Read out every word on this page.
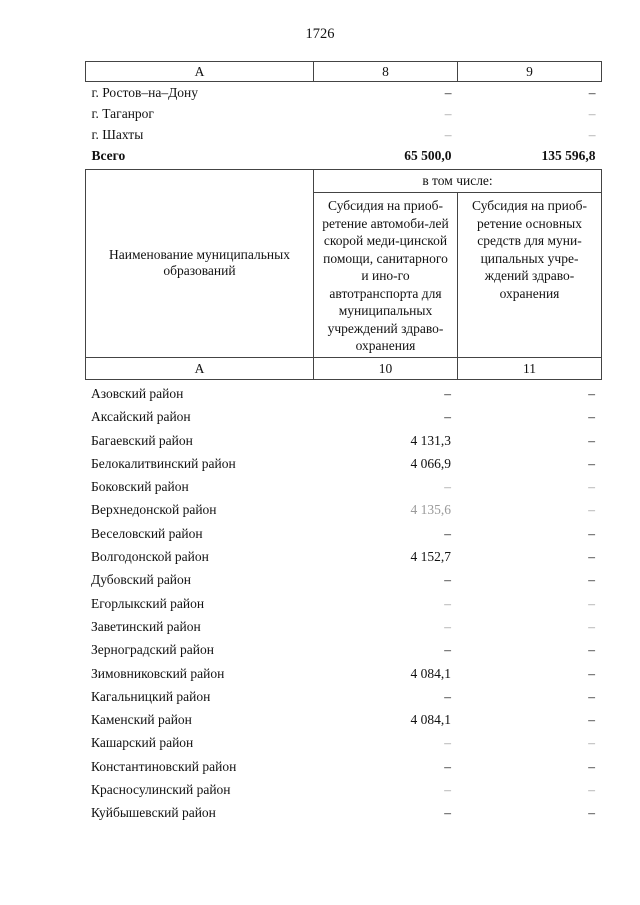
1726
А	8	9
г. Ростов–на–Дону	–	–
г. Таганрог	–	–
г. Шахты	–	–
Всего	65 500,0	135 596,8
Наименование муниципальных образований	в том числе:	
	Субсидия на приоб-ретение автомоби-лей скорой меди-цинской помощи, санитарного и ино-го автотранспорта для муниципальных учреждений здраво-охранения	Субсидия на приоб-ретение основных средств для муни-ципальных учре-ждений здраво-охранения
А	10	11
Азовский район	–	–
Аксайский район	–	–
Багаевский район	4 131,3	–
Белокалитвинский район	4 066,9	–
Боковский район	–	–
Верхнедонской район	4 135,6	–
Веселовский район	–	–
Волгодонской район	4 152,7	–
Дубовский район	–	–
Егорлыкский район	–	–
Заветинский район	–	–
Зерноградский район	–	–
Зимовниковский район	4 084,1	–
Кагальницкий район	–	–
Каменский район	4 084,1	–
Кашарский район	–	–
Константиновский район	–	–
Красносулинский район	–	–
Куйбышевский район	–	–
